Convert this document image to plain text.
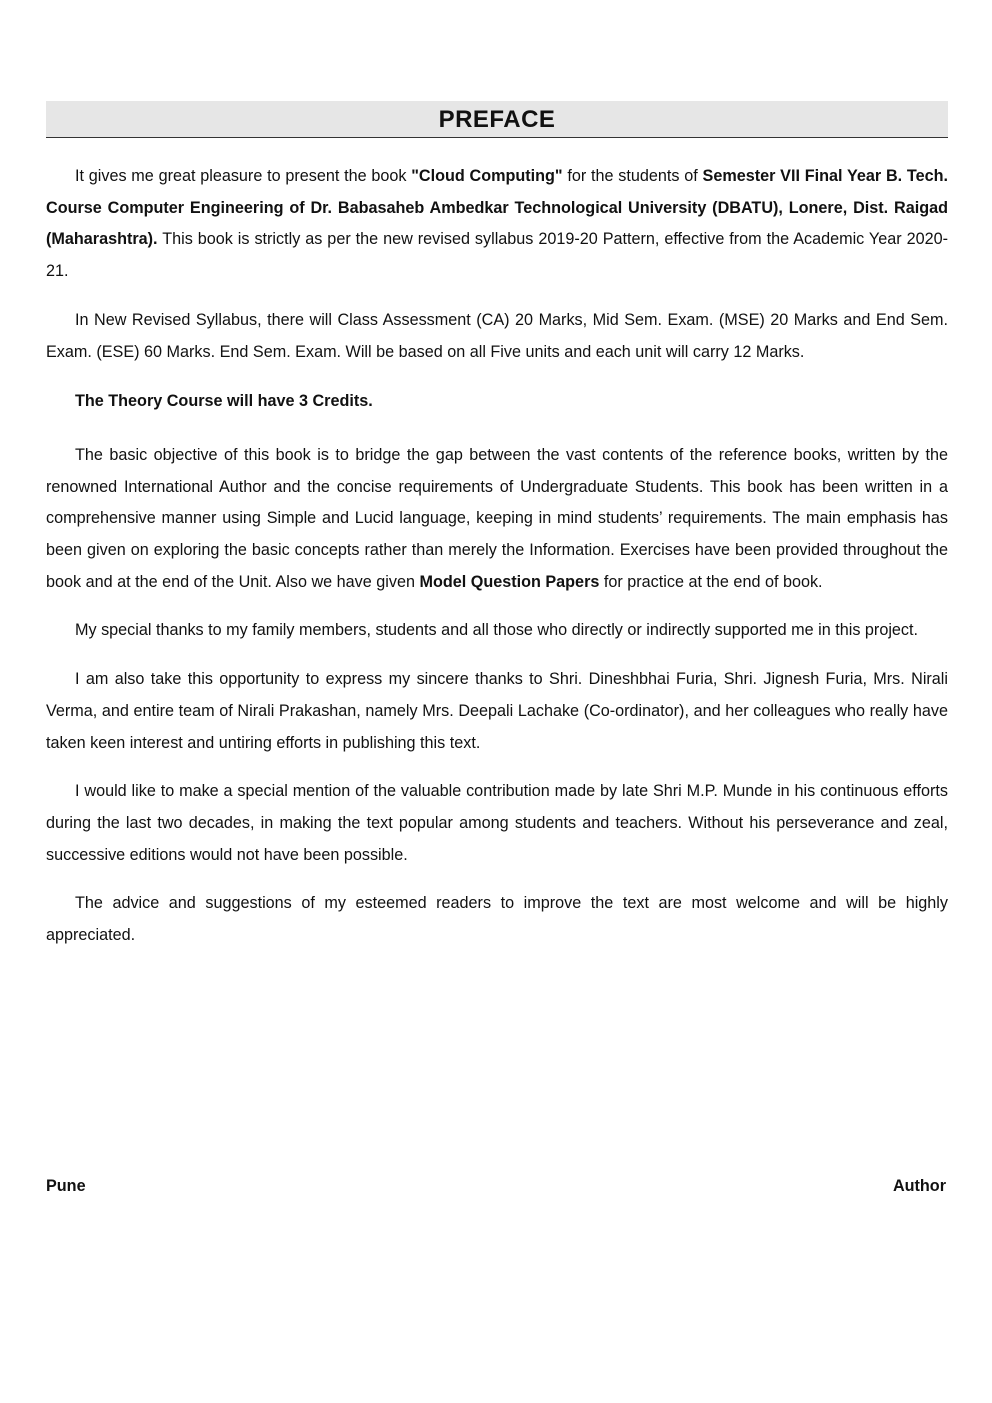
PREFACE

It gives me great pleasure to present the book "Cloud Computing" for the students of Semester VII Final Year B. Tech. Course Computer Engineering of Dr. Babasaheb Ambedkar Technological University (DBATU), Lonere, Dist. Raigad (Maharashtra). This book is strictly as per the new revised syllabus 2019-20 Pattern, effective from the Academic Year 2020-21.

In New Revised Syllabus, there will Class Assessment (CA) 20 Marks, Mid Sem. Exam. (MSE) 20 Marks and End Sem. Exam. (ESE) 60 Marks. End Sem. Exam. Will be based on all Five units and each unit will carry 12 Marks.

The Theory Course will have 3 Credits.

The basic objective of this book is to bridge the gap between the vast contents of the reference books, written by the renowned International Author and the concise requirements of Undergraduate Students. This book has been written in a comprehensive manner using Simple and Lucid language, keeping in mind students’ requirements. The main emphasis has been given on exploring the basic concepts rather than merely the Information. Exercises have been provided throughout the book and at the end of the Unit. Also we have given Model Question Papers for practice at the end of book.

My special thanks to my family members, students and all those who directly or indirectly supported me in this project.

I am also take this opportunity to express my sincere thanks to Shri. Dineshbhai Furia, Shri. Jignesh Furia, Mrs. Nirali Verma, and entire team of Nirali Prakashan, namely Mrs. Deepali Lachake (Co-ordinator), and her colleagues who really have taken keen interest and untiring efforts in publishing this text.

I would like to make a special mention of the valuable contribution made by late Shri M.P. Munde in his continuous efforts during the last two decades, in making the text popular among students and teachers. Without his perseverance and zeal, successive editions would not have been possible.

The advice and suggestions of my esteemed readers to improve the text are most welcome and will be highly appreciated.

Pune	Author
